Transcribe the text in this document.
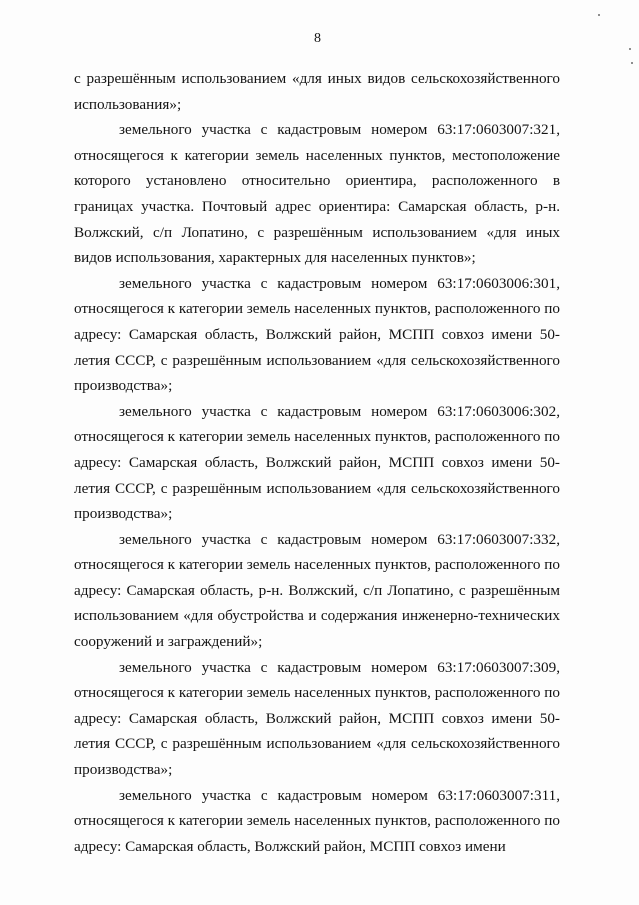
8

с разрешённым использованием «для иных видов сельскохозяйственного использования»;

земельного участка с кадастровым номером 63:17:0603007:321, относящегося к категории земель населенных пунктов, местоположение которого установлено относительно ориентира, расположенного в границах участка. Почтовый адрес ориентира: Самарская область, р-н. Волжский, с/п Лопатино, с разрешённым использованием «для иных видов использования, характерных для населенных пунктов»;

земельного участка с кадастровым номером 63:17:0603006:301, относящегося к категории земель населенных пунктов, расположенного по адресу: Самарская область, Волжский район, МСПП совхоз имени 50-летия СССР, с разрешённым использованием «для сельскохозяйственного производства»;

земельного участка с кадастровым номером 63:17:0603006:302, относящегося к категории земель населенных пунктов, расположенного по адресу: Самарская область, Волжский район, МСПП совхоз имени 50-летия СССР, с разрешённым использованием «для сельскохозяйственного производства»;

земельного участка с кадастровым номером 63:17:0603007:332, относящегося к категории земель населенных пунктов, расположенного по адресу: Самарская область, р-н. Волжский, с/п Лопатино, с разрешённым использованием «для обустройства и содержания инженерно-технических сооружений и заграждений»;

земельного участка с кадастровым номером 63:17:0603007:309, относящегося к категории земель населенных пунктов, расположенного по адресу: Самарская область, Волжский район, МСПП совхоз имени 50-летия СССР, с разрешённым использованием «для сельскохозяйственного производства»;

земельного участка с кадастровым номером 63:17:0603007:311, относящегося к категории земель населенных пунктов, расположенного по адресу: Самарская область, Волжский район, МСПП совхоз имени
